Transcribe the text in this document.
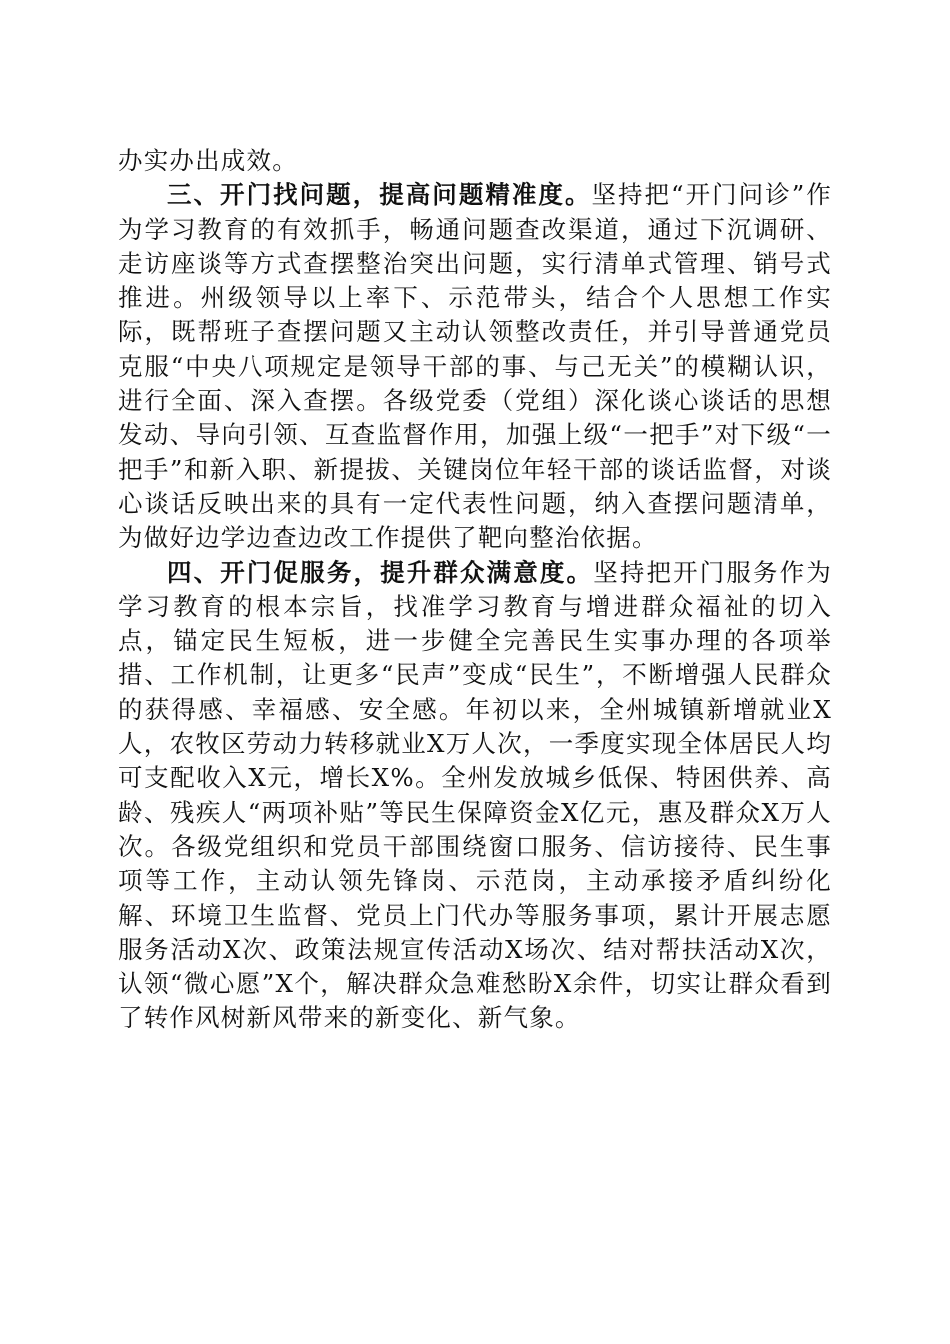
办实办出成效。

三、开门找问题，提高问题精准度。坚持把“开门问诊”作为学习教育的有效抓手，畅通问题查改渠道，通过下沉调研、走访座谈等方式查摆整治突出问题，实行清单式管理、销号式推进。州级领导以上率下、示范带头，结合个人思想工作实际，既帮班子查摆问题又主动认领整改责任，并引导普通党员克服“中央八项规定是领导干部的事、与己无关”的模糊认识，进行全面、深入查摆。各级党委（党组）深化谈心谈话的思想发动、导向引领、互查监督作用，加强上级“一把手”对下级“一把手”和新入职、新提拔、关键岗位年轻干部的谈话监督，对谈心谈话反映出来的具有一定代表性问题，纳入查摆问题清单，为做好边学边查边改工作提供了靶向整治依据。

四、开门促服务，提升群众满意度。坚持把开门服务作为学习教育的根本宗旨，找准学习教育与增进群众福祉的切入点，锚定民生短板，进一步健全完善民生实事办理的各项举措、工作机制，让更多“民声”变成“民生”，不断增强人民群众的获得感、幸福感、安全感。年初以来，全州城镇新增就业X人，农牧区劳动力转移就业X万人次，一季度实现全体居民人均可支配收入X元，增长X%。全州发放城乡低保、特困供养、高龄、残疾人“两项补贴”等民生保障资金X亿元，惠及群众X万人次。各级党组织和党员干部围绕窗口服务、信访接待、民生事项等工作，主动认领先锋岗、示范岗，主动承接矛盾纠纷化解、环境卫生监督、党员上门代办等服务事项，累计开展志愿服务活动X次、政策法规宣传活动X场次、结对帮扶活动X次，认领“微心愿”X个，解决群众急难愁盼X余件，切实让群众看到了转作风树新风带来的新变化、新气象。
